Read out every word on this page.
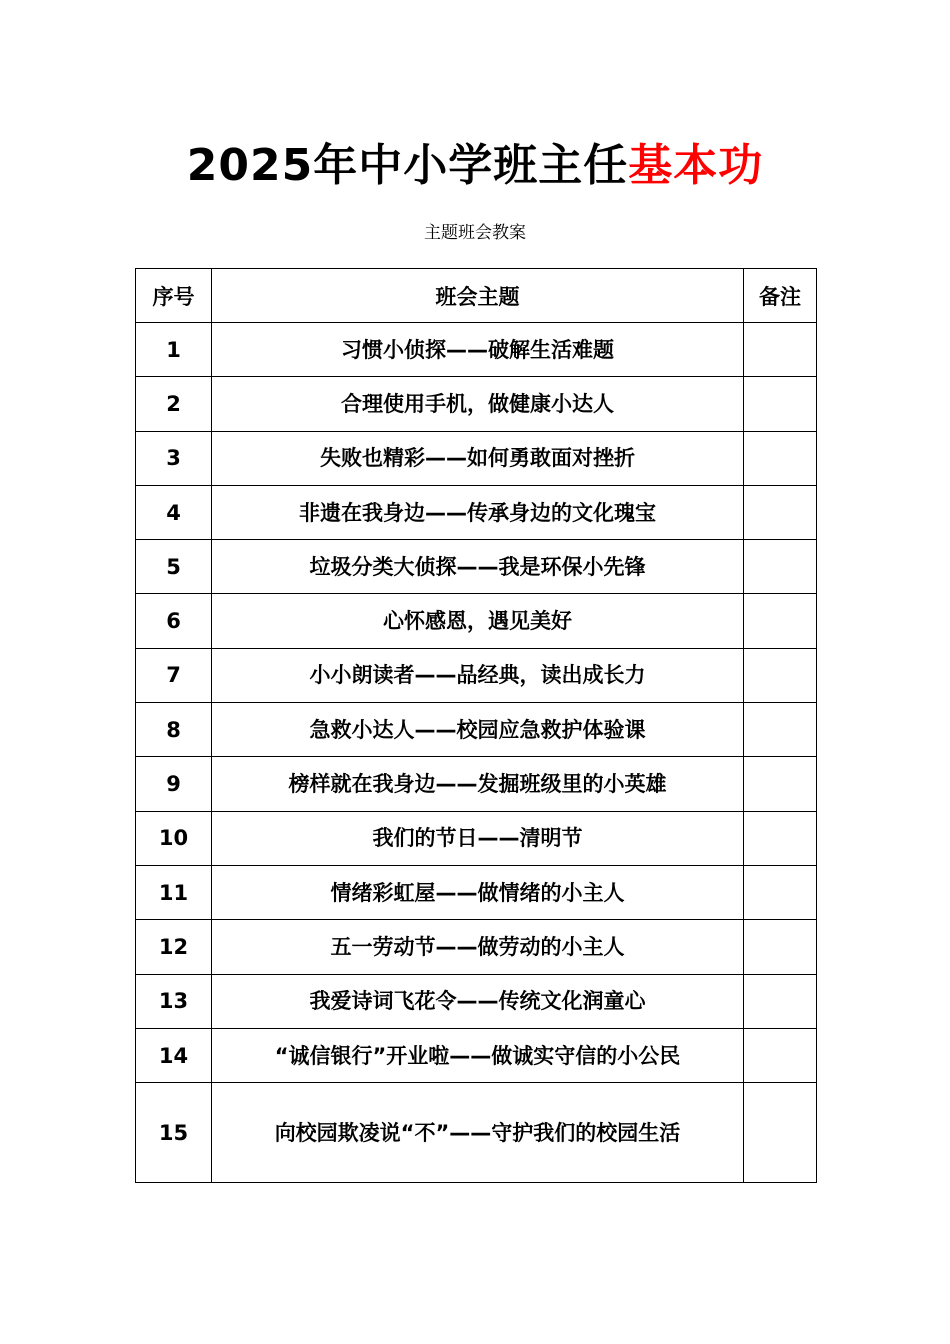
2025年中小学班主任基本功

主题班会教案

序号	班会主题	备注
1	习惯小侦探——破解生活难题	
2	合理使用手机，做健康小达人	
3	失败也精彩——如何勇敢面对挫折	
4	非遗在我身边——传承身边的文化瑰宝	
5	垃圾分类大侦探——我是环保小先锋	
6	心怀感恩，遇见美好	
7	小小朗读者——品经典，读出成长力	
8	急救小达人——校园应急救护体验课	
9	榜样就在我身边——发掘班级里的小英雄	
10	我们的节日——清明节	
11	情绪彩虹屋——做情绪的小主人	
12	五一劳动节——做劳动的小主人	
13	我爱诗词飞花令——传统文化润童心	
14	“诚信银行”开业啦——做诚实守信的小公民	
15	向校园欺凌说“不”——守护我们的校园生活	
